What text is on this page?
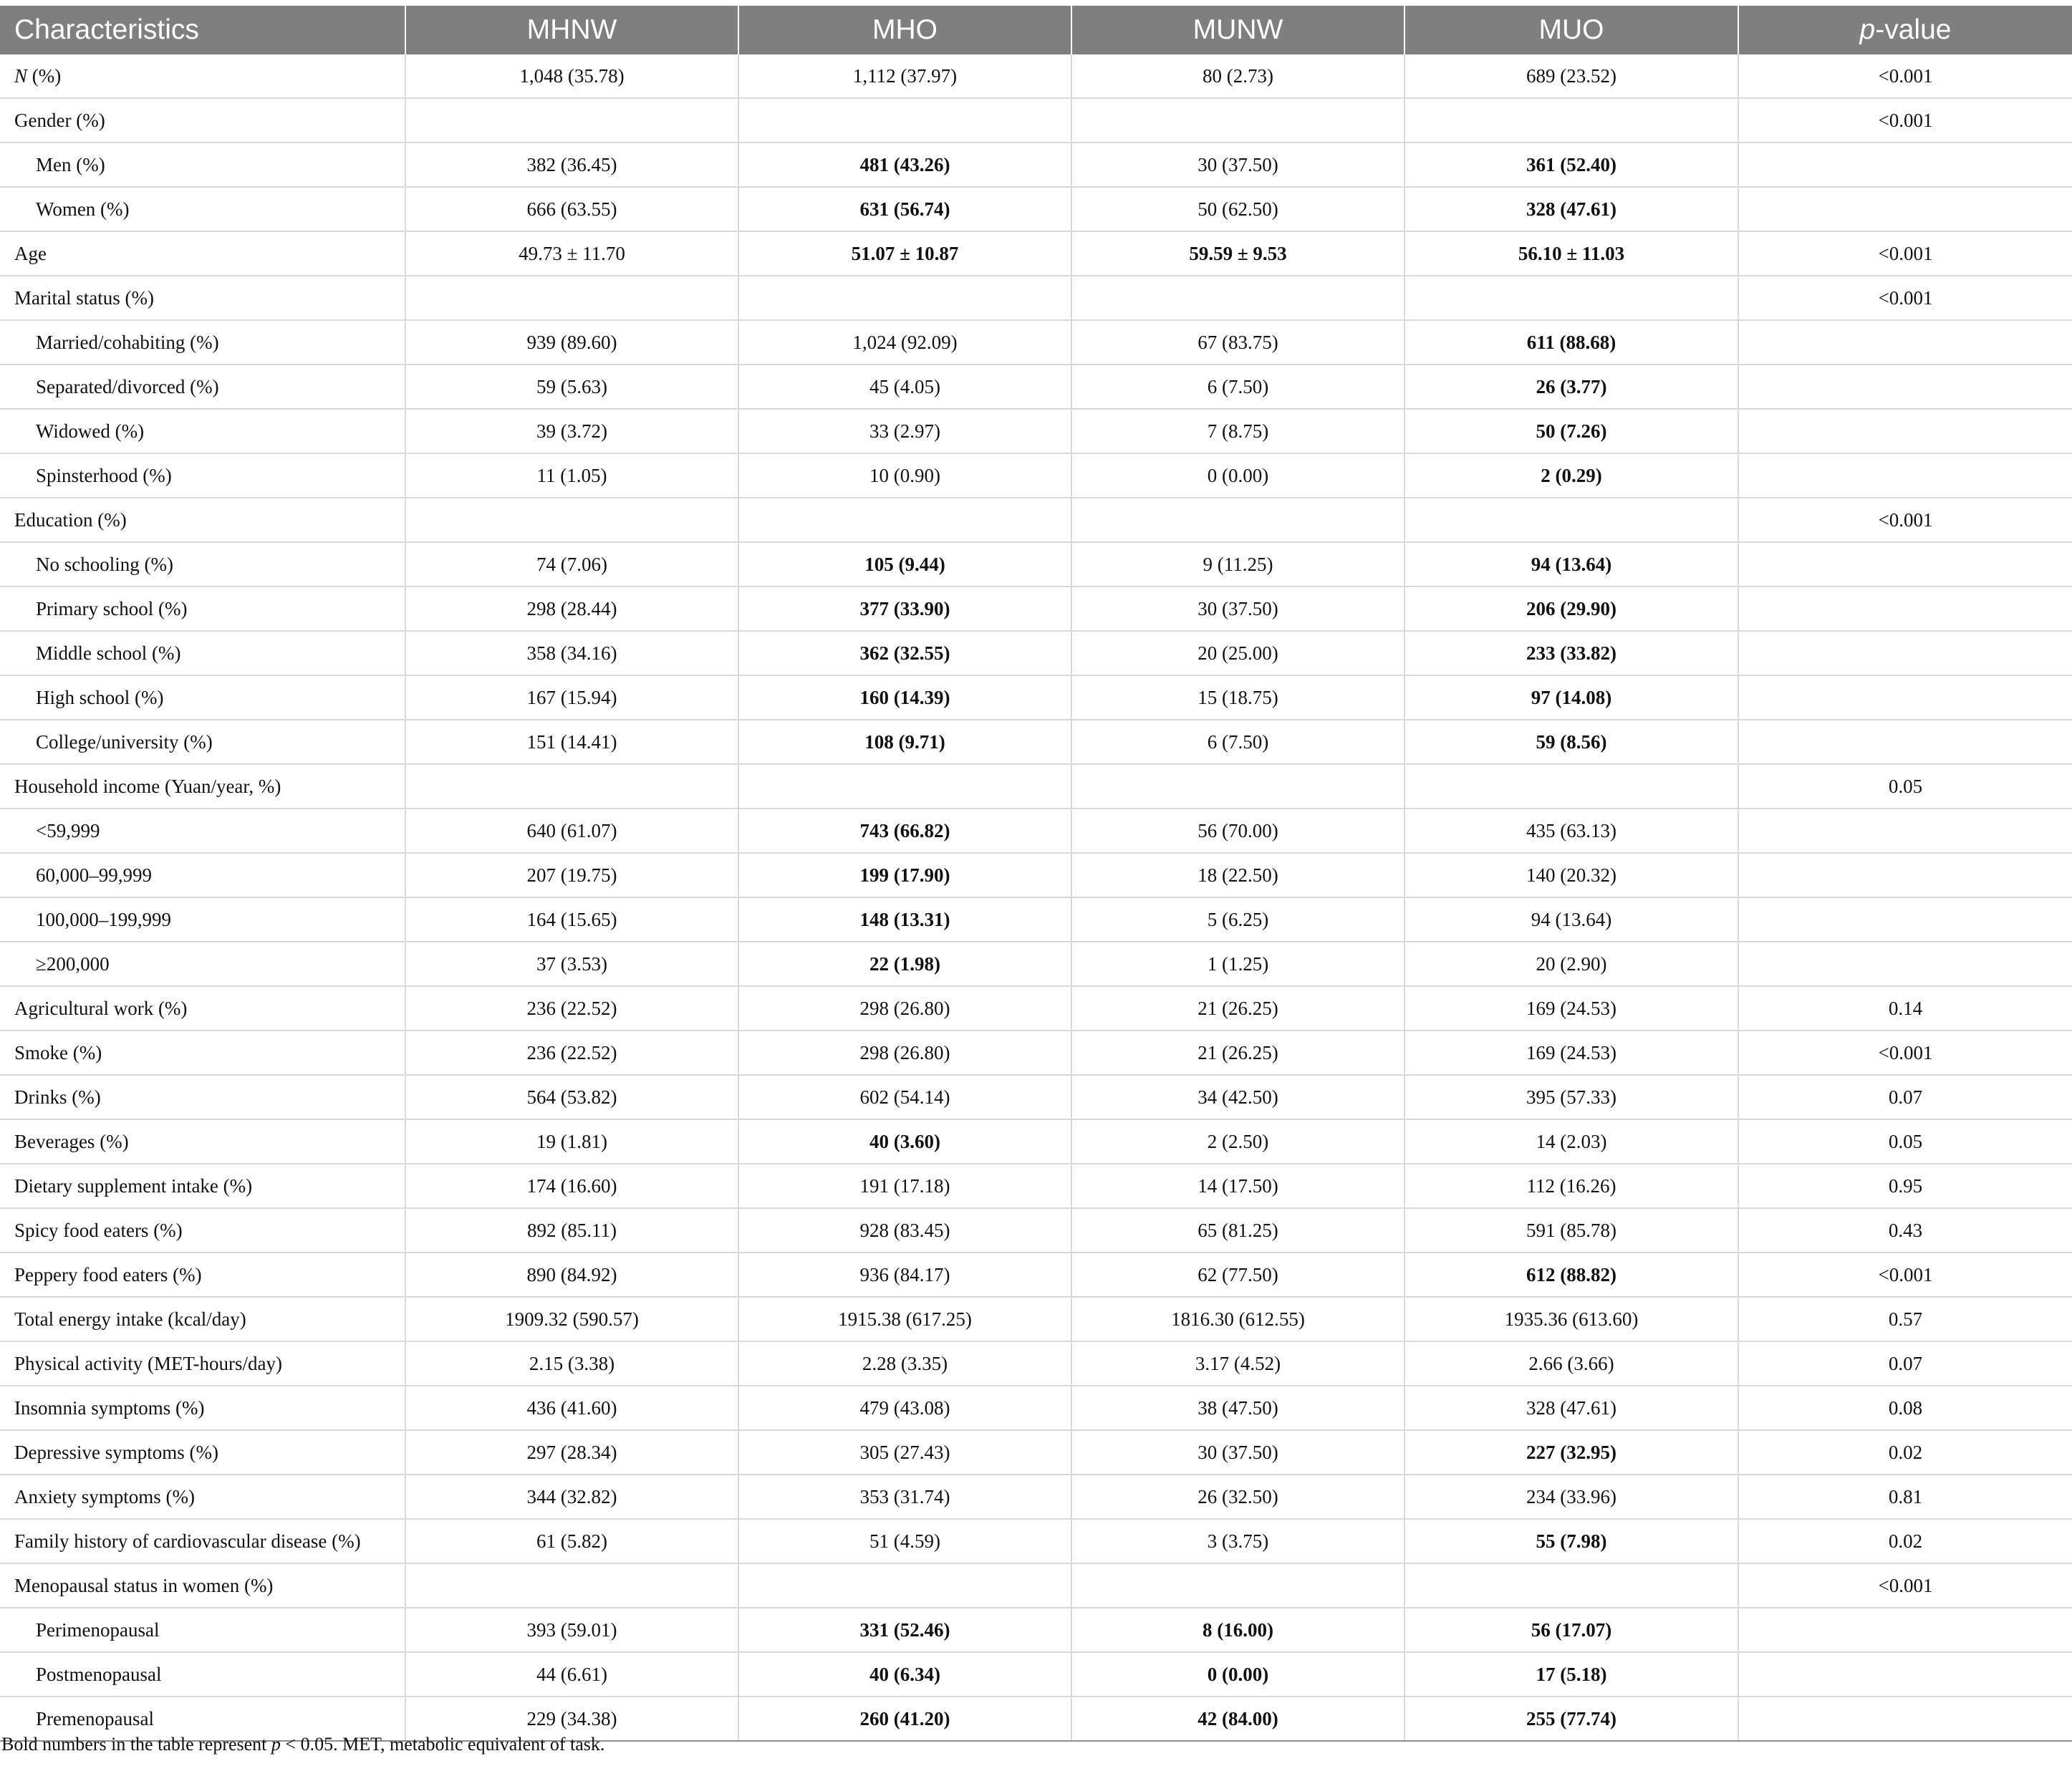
Characteristics	MHNW	MHO	MUNW	MUO	p-value
N (%)	1,048 (35.78)	1,112 (37.97)	80 (2.73)	689 (23.52)	<0.001
Gender (%)					<0.001
Men (%)	382 (36.45)	481 (43.26)	30 (37.50)	361 (52.40)	
Women (%)	666 (63.55)	631 (56.74)	50 (62.50)	328 (47.61)	
Age	49.73 ± 11.70	51.07 ± 10.87	59.59 ± 9.53	56.10 ± 11.03	<0.001
Marital status (%)					<0.001
Married/cohabiting (%)	939 (89.60)	1,024 (92.09)	67 (83.75)	611 (88.68)	
Separated/divorced (%)	59 (5.63)	45 (4.05)	6 (7.50)	26 (3.77)	
Widowed (%)	39 (3.72)	33 (2.97)	7 (8.75)	50 (7.26)	
Spinsterhood (%)	11 (1.05)	10 (0.90)	0 (0.00)	2 (0.29)	
Education (%)					<0.001
No schooling (%)	74 (7.06)	105 (9.44)	9 (11.25)	94 (13.64)	
Primary school (%)	298 (28.44)	377 (33.90)	30 (37.50)	206 (29.90)	
Middle school (%)	358 (34.16)	362 (32.55)	20 (25.00)	233 (33.82)	
High school (%)	167 (15.94)	160 (14.39)	15 (18.75)	97 (14.08)	
College/university (%)	151 (14.41)	108 (9.71)	6 (7.50)	59 (8.56)	
Household income (Yuan/year, %)					0.05
<59,999	640 (61.07)	743 (66.82)	56 (70.00)	435 (63.13)	
60,000–99,999	207 (19.75)	199 (17.90)	18 (22.50)	140 (20.32)	
100,000–199,999	164 (15.65)	148 (13.31)	5 (6.25)	94 (13.64)	
≥200,000	37 (3.53)	22 (1.98)	1 (1.25)	20 (2.90)	
Agricultural work (%)	236 (22.52)	298 (26.80)	21 (26.25)	169 (24.53)	0.14
Smoke (%)	236 (22.52)	298 (26.80)	21 (26.25)	169 (24.53)	<0.001
Drinks (%)	564 (53.82)	602 (54.14)	34 (42.50)	395 (57.33)	0.07
Beverages (%)	19 (1.81)	40 (3.60)	2 (2.50)	14 (2.03)	0.05
Dietary supplement intake (%)	174 (16.60)	191 (17.18)	14 (17.50)	112 (16.26)	0.95
Spicy food eaters (%)	892 (85.11)	928 (83.45)	65 (81.25)	591 (85.78)	0.43
Peppery food eaters (%)	890 (84.92)	936 (84.17)	62 (77.50)	612 (88.82)	<0.001
Total energy intake (kcal/day)	1909.32 (590.57)	1915.38 (617.25)	1816.30 (612.55)	1935.36 (613.60)	0.57
Physical activity (MET-hours/day)	2.15 (3.38)	2.28 (3.35)	3.17 (4.52)	2.66 (3.66)	0.07
Insomnia symptoms (%)	436 (41.60)	479 (43.08)	38 (47.50)	328 (47.61)	0.08
Depressive symptoms (%)	297 (28.34)	305 (27.43)	30 (37.50)	227 (32.95)	0.02
Anxiety symptoms (%)	344 (32.82)	353 (31.74)	26 (32.50)	234 (33.96)	0.81
Family history of cardiovascular disease (%)	61 (5.82)	51 (4.59)	3 (3.75)	55 (7.98)	0.02
Menopausal status in women (%)					<0.001
Perimenopausal	393 (59.01)	331 (52.46)	8 (16.00)	56 (17.07)	
Postmenopausal	44 (6.61)	40 (6.34)	0 (0.00)	17 (5.18)	
Premenopausal	229 (34.38)	260 (41.20)	42 (84.00)	255 (77.74)	
Bold numbers in the table represent p < 0.05. MET, metabolic equivalent of task.
